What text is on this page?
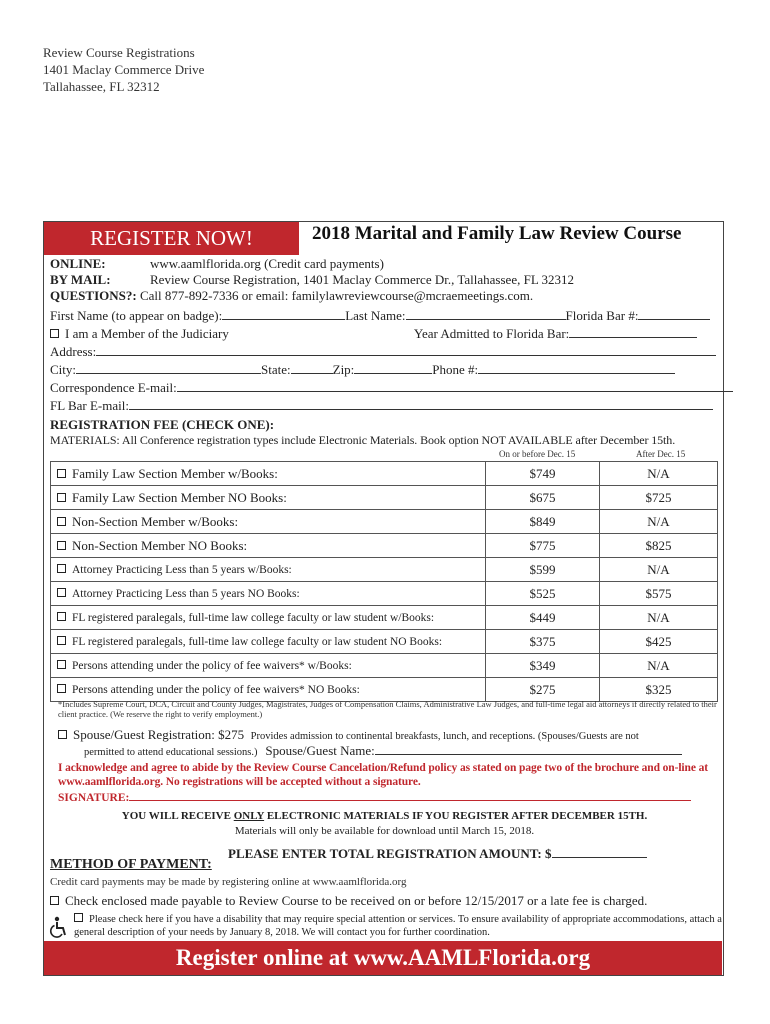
Review Course Registrations
1401 Maclay Commerce Drive
Tallahassee, FL 32312
REGISTER NOW!	2018 Marital and Family Law Review Course
ONLINE:	www.aamlflorida.org (Credit card payments)
BY MAIL:	Review Course Registration, 1401 Maclay Commerce Dr., Tallahassee, FL 32312
QUESTIONS?: Call 877-892-7336 or email: familylawreviewcourse@mcraemeetings.com.
First Name (to appear on badge):	Last Name:	Florida Bar #:
I am a Member of the Judiciary	Year Admitted to Florida Bar:
Address:
City:	State:	Zip:	Phone #:
Correspondence E-mail:
FL Bar E-mail:
REGISTRATION FEE (CHECK ONE):
MATERIALS: All Conference registration types include Electronic Materials. Book option NOT AVAILABLE after December 15th.
On or before Dec. 15	After Dec. 15
Family Law Section Member w/Books:	$749	N/A
Family Law Section Member NO Books:	$675	$725
Non-Section Member w/Books:	$849	N/A
Non-Section Member NO Books:	$775	$825
Attorney Practicing Less than 5 years w/Books:	$599	N/A
Attorney Practicing Less than 5 years NO Books:	$525	$575
FL registered paralegals, full-time law college faculty or law student w/Books:	$449	N/A
FL registered paralegals, full-time law college faculty or law student NO Books:	$375	$425
Persons attending under the policy of fee waivers* w/Books:	$349	N/A
Persons attending under the policy of fee waivers* NO Books:	$275	$325
*Includes Supreme Court, DCA, Circuit and County Judges, Magistrates, Judges of Compensation Claims, Administrative Law Judges, and full-time legal aid attorneys if directly related to their client practice. (We reserve the right to verify employment.)
Spouse/Guest Registration: $275 Provides admission to continental breakfasts, lunch, and receptions. (Spouses/Guests are not
permitted to attend educational sessions.) Spouse/Guest Name:
I acknowledge and agree to abide by the Review Course Cancelation/Refund policy as stated on page two of the brochure and on-line at www.aamlflorida.org. No registrations will be accepted without a signature.
SIGNATURE:
YOU WILL RECEIVE ONLY ELECTRONIC MATERIALS IF YOU REGISTER AFTER DECEMBER 15TH.
Materials will only be available for download until March 15, 2018.
PLEASE ENTER TOTAL REGISTRATION AMOUNT: $
METHOD OF PAYMENT:
Credit card payments may be made by registering online at www.aamlflorida.org
Check enclosed made payable to Review Course to be received on or before 12/15/2017 or a late fee is charged.
Please check here if you have a disability that may require special attention or services. To ensure availability of appropriate accommodations, attach a general description of your needs by January 8, 2018. We will contact you for further coordination.
Register online at www.AAMLFlorida.org
